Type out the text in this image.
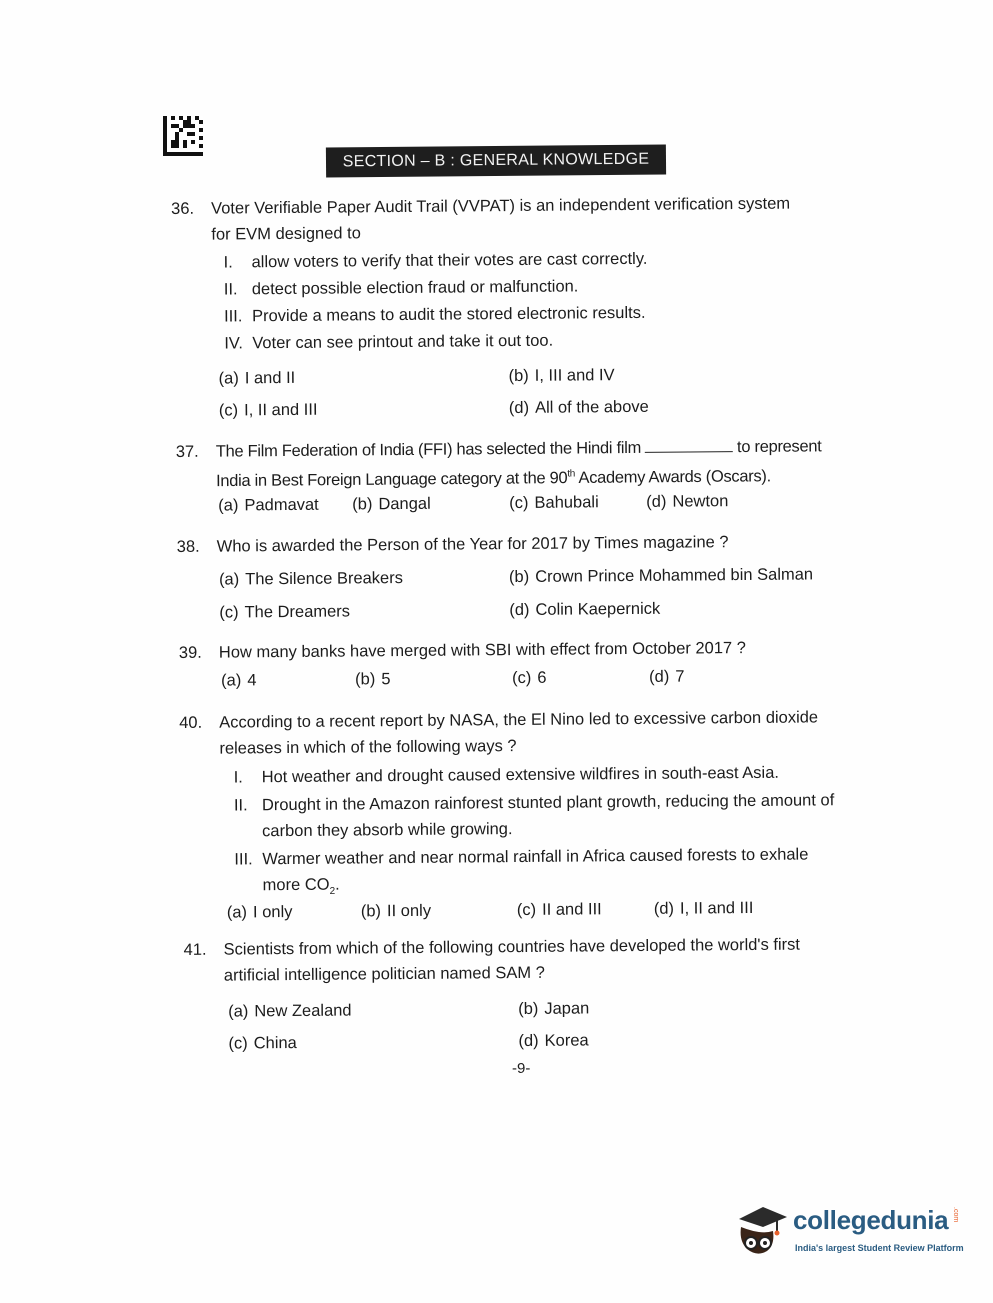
SECTION – B : GENERAL KNOWLEDGE
36.	Voter Verifiable Paper Audit Trail (VVPAT) is an independent verification system
for EVM designed to
I. allow voters to verify that their votes are cast correctly.
II. detect possible election fraud or malfunction.
III. Provide a means to audit the stored electronic results.
IV. Voter can see printout and take it out too.
(a) I and II	(b) I, III and IV
(c) I, II and III	(d) All of the above
37.	The Film Federation of India (FFI) has selected the Hindi film	to represent
India in Best Foreign Language category at the 90th Academy Awards (Oscars).
(a) Padmavat (b) Dangal	(c) Bahubali	(d) Newton
38.	Who is awarded the Person of the Year for 2017 by Times magazine ?
(a) The Silence Breakers	(b) Crown Prince Mohammed bin Salman
(c) The Dreamers	(d) Colin Kaepernick
39.	How many banks have merged with SBI with effect from October 2017 ?
(a) 4	(b) 5	(c) 6	(d) 7
40.	According to a recent report by NASA, the El Nino led to excessive carbon dioxide
releases in which of the following ways ?
I. Hot weather and drought caused extensive wildfires in south-east Asia.
II. Drought in the Amazon rainforest stunted plant growth, reducing the amount of
carbon they absorb while growing.
III. Warmer weather and near normal rainfall in Africa caused forests to exhale
more $CO_2$.
(a) I only	(b) II only	(c) II and III	(d) I, II and III
41.	Scientists from which of the following countries have developed the world's first
artificial intelligence politician named SAM ?
(a) New Zealand	(b) Japan
(c) China	(d) Korea
-9-
collegedunia .com
India's largest Student Review Platform
